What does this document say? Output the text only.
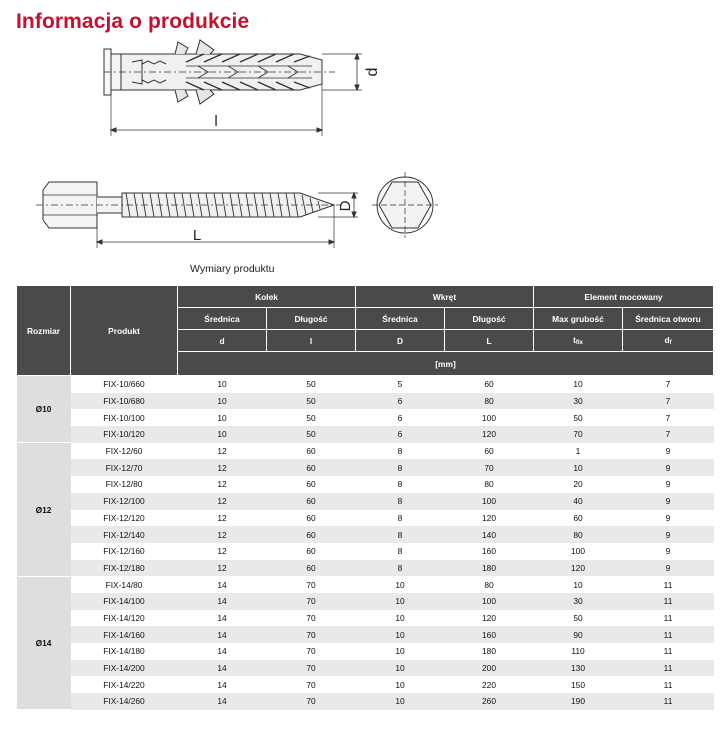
Informacja o produkcie
d
l
D
L
Wymiary produktu
Rozmiar	Produkt	Kołek		Wkręt		Element mocowany	
		Średnica	Długość	Średnica	Długość	Max grubość	Średnica otworu
		d	l	D	L	tfix	df
		[mm]					
Ø10	FIX-10/660	10	50	5	60	10	7
	FIX-10/680	10	50	6	80	30	7
	FIX-10/100	10	50	6	100	50	7
	FIX-10/120	10	50	6	120	70	7
Ø12	FIX-12/60	12	60	8	60	1	9
	FIX-12/70	12	60	8	70	10	9
	FIX-12/80	12	60	8	80	20	9
	FIX-12/100	12	60	8	100	40	9
	FIX-12/120	12	60	8	120	60	9
	FIX-12/140	12	60	8	140	80	9
	FIX-12/160	12	60	8	160	100	9
	FIX-12/180	12	60	8	180	120	9
Ø14	FIX-14/80	14	70	10	80	10	11
	FIX-14/100	14	70	10	100	30	11
	FIX-14/120	14	70	10	120	50	11
	FIX-14/160	14	70	10	160	90	11
	FIX-14/180	14	70	10	180	110	11
	FIX-14/200	14	70	10	200	130	11
	FIX-14/220	14	70	10	220	150	11
	FIX-14/260	14	70	10	260	190	11
